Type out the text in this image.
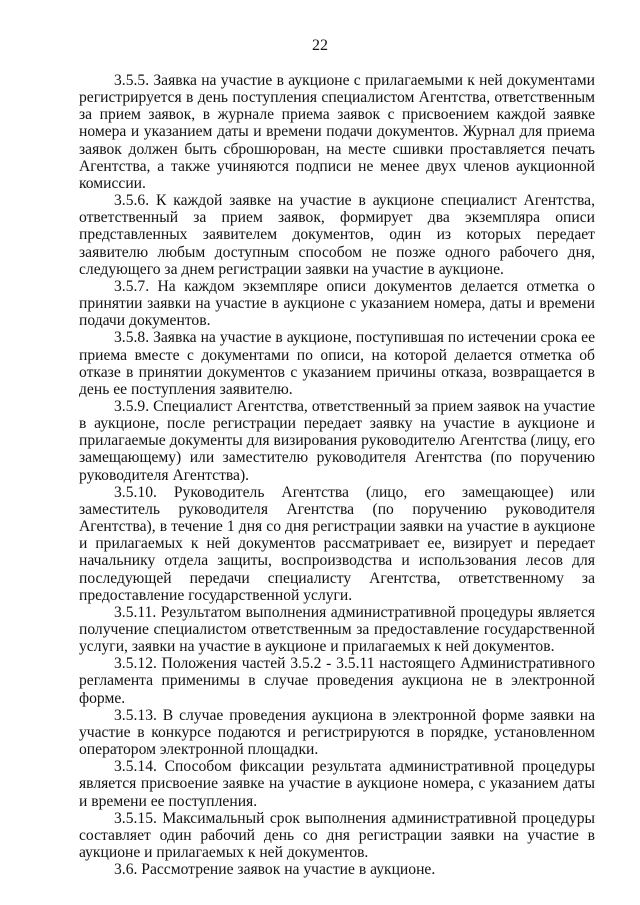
22

3.5.5. Заявка на участие в аукционе с прилагаемыми к ней документами регистрируется в день поступления специалистом Агентства, ответственным за прием заявок, в журнале приема заявок с присвоением каждой заявке номера и указанием даты и времени подачи документов. Журнал для приема заявок должен быть сброшюрован, на месте сшивки проставляется печать Агентства, а также учиняются подписи не менее двух членов аукционной комиссии.

3.5.6. К каждой заявке на участие в аукционе специалист Агентства, ответственный за прием заявок, формирует два экземпляра описи представленных заявителем документов, один из которых передает заявителю любым доступным способом не позже одного рабочего дня, следующего за днем регистрации заявки на участие в аукционе.

3.5.7. На каждом экземпляре описи документов делается отметка о принятии заявки на участие в аукционе с указанием номера, даты и времени подачи документов.

3.5.8. Заявка на участие в аукционе, поступившая по истечении срока ее приема вместе с документами по описи, на которой делается отметка об отказе в принятии документов с указанием причины отказа, возвращается в день ее поступления заявителю.

3.5.9. Специалист Агентства, ответственный за прием заявок на участие в аукционе, после регистрации передает заявку на участие в аукционе и прилагаемые документы для визирования руководителю Агентства (лицу, его замещающему) или заместителю руководителя Агентства (по поручению руководителя Агентства).

3.5.10. Руководитель Агентства (лицо, его замещающее) или заместитель руководителя Агентства (по поручению руководителя Агентства), в течение 1 дня со дня регистрации заявки на участие в аукционе и прилагаемых к ней документов рассматривает ее, визирует и передает начальнику отдела защиты, воспроизводства и использования лесов для последующей передачи специалисту Агентства, ответственному за предоставление государственной услуги.

3.5.11. Результатом выполнения административной процедуры является получение специалистом ответственным за предоставление государственной услуги, заявки на участие в аукционе и прилагаемых к ней документов.

3.5.12. Положения частей 3.5.2 - 3.5.11 настоящего Административного регламента применимы в случае проведения аукциона не в электронной форме.

3.5.13. В случае проведения аукциона в электронной форме заявки на участие в конкурсе подаются и регистрируются в порядке, установленном оператором электронной площадки.

3.5.14. Способом фиксации результата административной процедуры является присвоение заявке на участие в аукционе номера, с указанием даты и времени ее поступления.

3.5.15. Максимальный срок выполнения административной процедуры составляет один рабочий день со дня регистрации заявки на участие в аукционе и прилагаемых к ней документов.

3.6. Рассмотрение заявок на участие в аукционе.
